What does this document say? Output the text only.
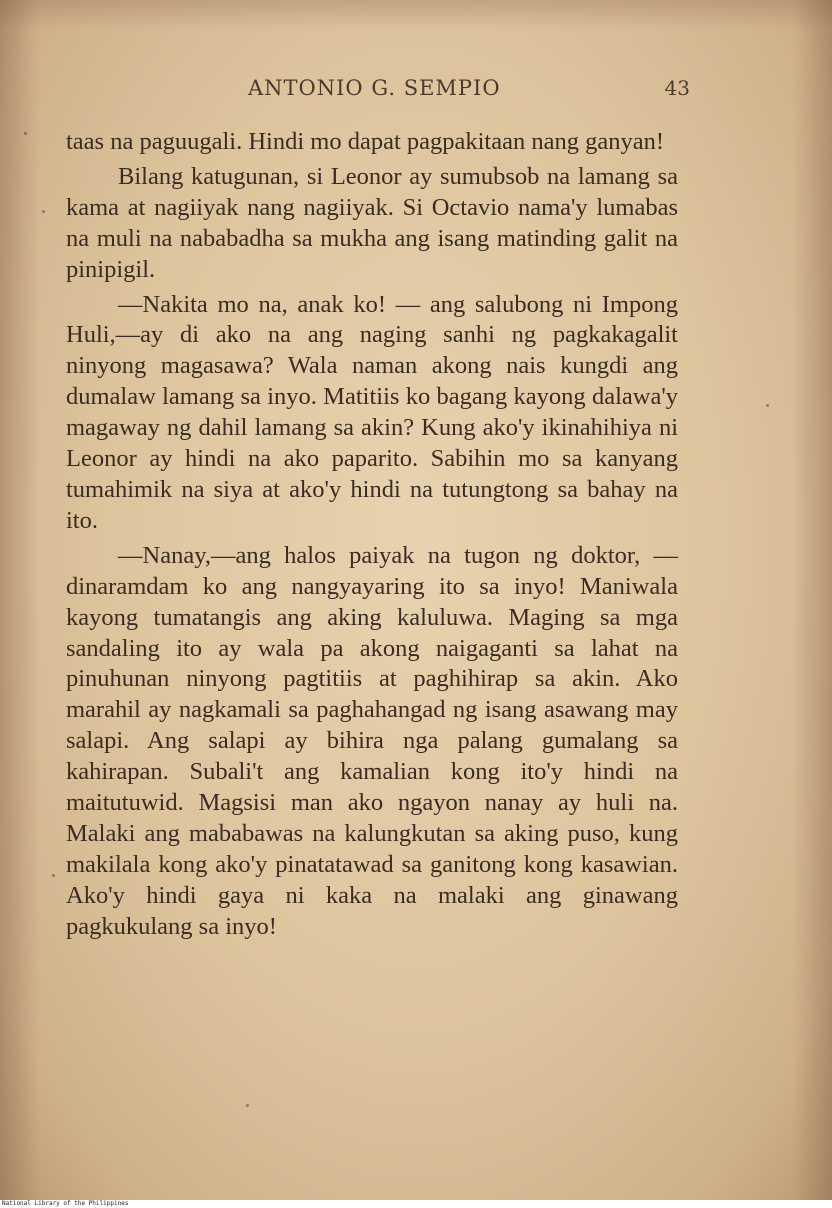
ANTONIO G. SEMPIO	43

taas na paguugali. Hindi mo dapat pagpakitaan nang ganyan!

Bilang katugunan, si Leonor ay sumubsob na lamang sa kama at nagiiyak nang nagiiyak. Si Octavio nama'y lumabas na muli na nababadha sa mukha ang isang matinding galit na pinipigil.

—Nakita mo na, anak ko! — ang salubong ni Impong Huli,—ay di ako na ang naging sanhi ng pagkakagalit ninyong magasawa? Wala naman akong nais kungdi ang dumalaw lamang sa inyo. Matitiis ko bagang kayong dalawa'y magaway ng dahil lamang sa akin? Kung ako'y ikinahihiya ni Leonor ay hindi na ako paparito. Sabihin mo sa kanyang tumahimik na siya at ako'y hindi na tutungtong sa bahay na ito.

—Nanay,—ang halos paiyak na tugon ng doktor, — dinaramdam ko ang nangyayaring ito sa inyo! Maniwala kayong tumatangis ang aking kaluluwa. Maging sa mga sandaling ito ay wala pa akong naigaganti sa lahat na pinuhunan ninyong pagtitiis at paghihirap sa akin. Ako marahil ay nagkamali sa paghahangad ng isang asawang may salapi. Ang salapi ay bihira nga palang gumalang sa kahirapan. Subali't ang kamalian kong ito'y hindi na maitutuwid. Magsisi man ako ngayon nanay ay huli na. Malaki ang mababawas na kalungkutan sa aking puso, kung makilala kong ako'y pinatatawad sa ganitong kong kasawian. Ako'y hindi gaya ni kaka na malaki ang ginawang pagkukulang sa inyo!

National Library of the Philippines
